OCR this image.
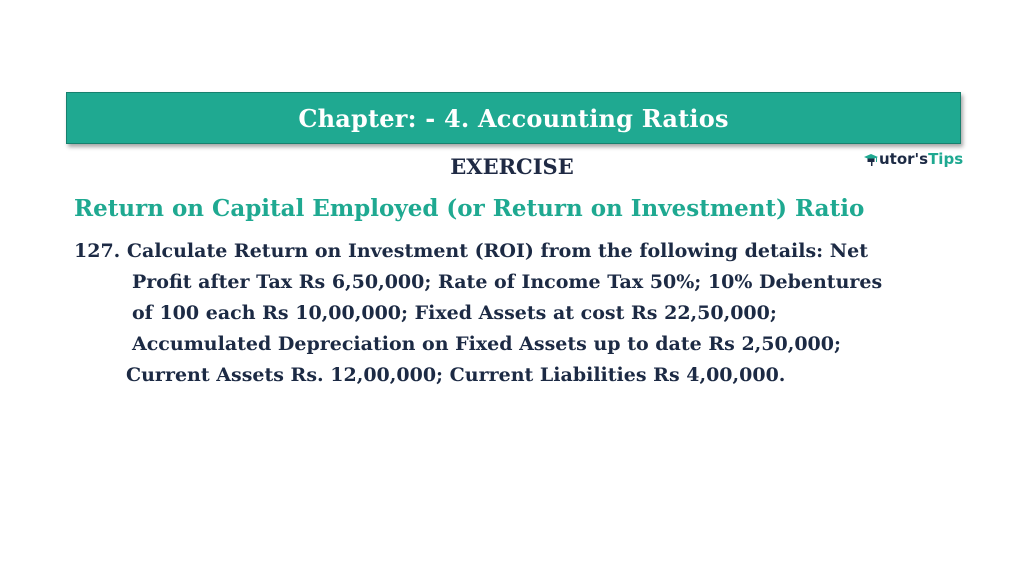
Chapter: - 4. Accounting Ratios
EXERCISE	T utor's Tips
Return on Capital Employed (or Return on Investment) Ratio
127. Calculate Return on Investment (ROI) from the following details: Net
Profit after Tax Rs 6,50,000; Rate of Income Tax 50%; 10% Debentures
of 100 each Rs 10,00,000; Fixed Assets at cost Rs 22,50,000;
Accumulated Depreciation on Fixed Assets up to date Rs 2,50,000;
Current Assets Rs. 12,00,000; Current Liabilities Rs 4,00,000.
